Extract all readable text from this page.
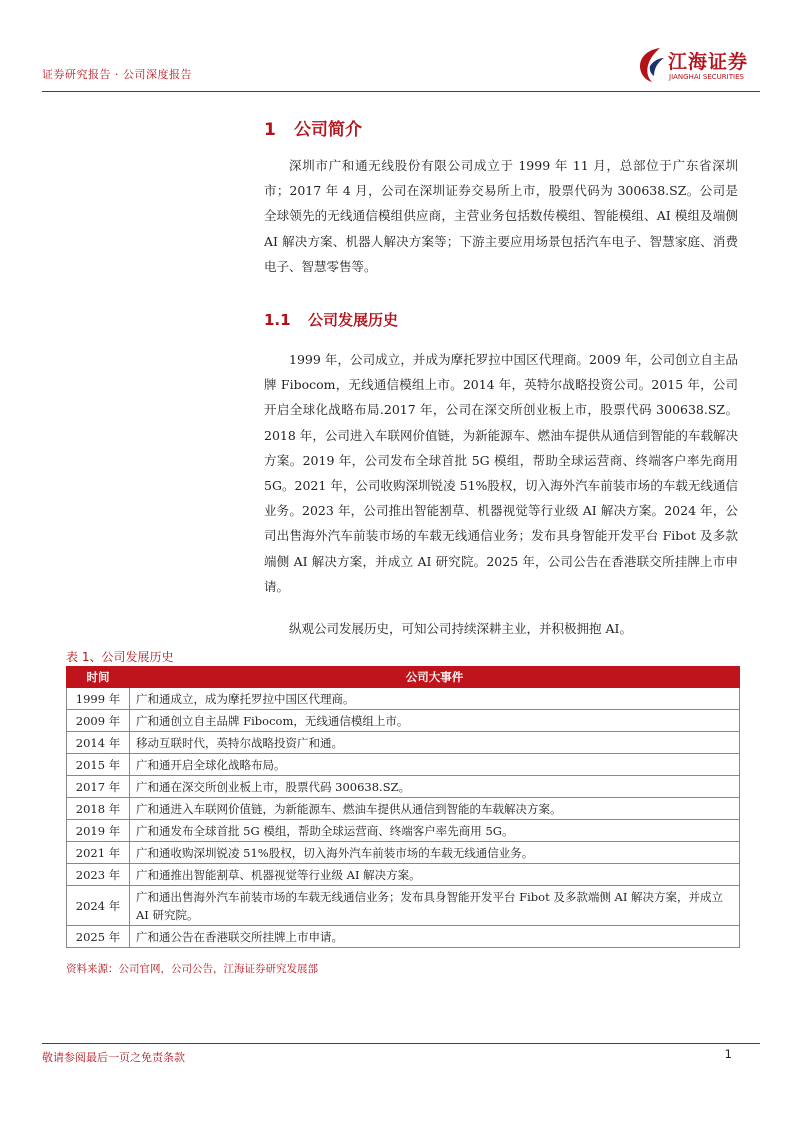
证券研究报告 · 公司深度报告
江海证券
JIANGHAI SECURITIES
1 公司简介

深圳市广和通无线股份有限公司成立于 1999 年 11 月，总部位于广东省深圳市；2017 年 4 月，公司在深圳证券交易所上市，股票代码为 300638.SZ。公司是全球领先的无线通信模组供应商，主营业务包括数传模组、智能模组、AI 模组及端侧 AI 解决方案、机器人解决方案等；下游主要应用场景包括汽车电子、智慧家庭、消费电子、智慧零售等。

1.1 公司发展历史

1999 年，公司成立，并成为摩托罗拉中国区代理商。2009 年，公司创立自主品牌 Fibocom，无线通信模组上市。2014 年，英特尔战略投资公司。2015 年，公司开启全球化战略布局.2017 年，公司在深交所创业板上市，股票代码 300638.SZ。2018 年，公司进入车联网价值链，为新能源车、燃油车提供从通信到智能的车载解决方案。2019 年，公司发布全球首批 5G 模组，帮助全球运营商、终端客户率先商用 5G。2021 年，公司收购深圳锐凌 51%股权，切入海外汽车前装市场的车载无线通信业务。2023 年，公司推出智能割草、机器视觉等行业级 AI 解决方案。2024 年，公司出售海外汽车前装市场的车载无线通信业务；发布具身智能开发平台 Fibot 及多款端侧 AI 解决方案，并成立 AI 研究院。2025 年，公司公告在香港联交所挂牌上市申请。

纵观公司发展历史，可知公司持续深耕主业，并积极拥抱 AI。

表 1、公司发展历史
时间	公司大事件
1999 年	广和通成立，成为摩托罗拉中国区代理商。
2009 年	广和通创立自主品牌 Fibocom，无线通信模组上市。
2014 年	移动互联时代，英特尔战略投资广和通。
2015 年	广和通开启全球化战略布局。
2017 年	广和通在深交所创业板上市，股票代码 300638.SZ。
2018 年	广和通进入车联网价值链，为新能源车、燃油车提供从通信到智能的车载解决方案。
2019 年	广和通发布全球首批 5G 模组，帮助全球运营商、终端客户率先商用 5G。
2021 年	广和通收购深圳锐凌 51%股权，切入海外汽车前装市场的车载无线通信业务。
2023 年	广和通推出智能割草、机器视觉等行业级 AI 解决方案。
2024 年	广和通出售海外汽车前装市场的车载无线通信业务；发布具身智能开发平台 Fibot 及多款端侧 AI 解决方案，并成立 AI 研究院。
2025 年	广和通公告在香港联交所挂牌上市申请。
资料来源：公司官网，公司公告，江海证券研究发展部
敬请参阅最后一页之免责条款	1
